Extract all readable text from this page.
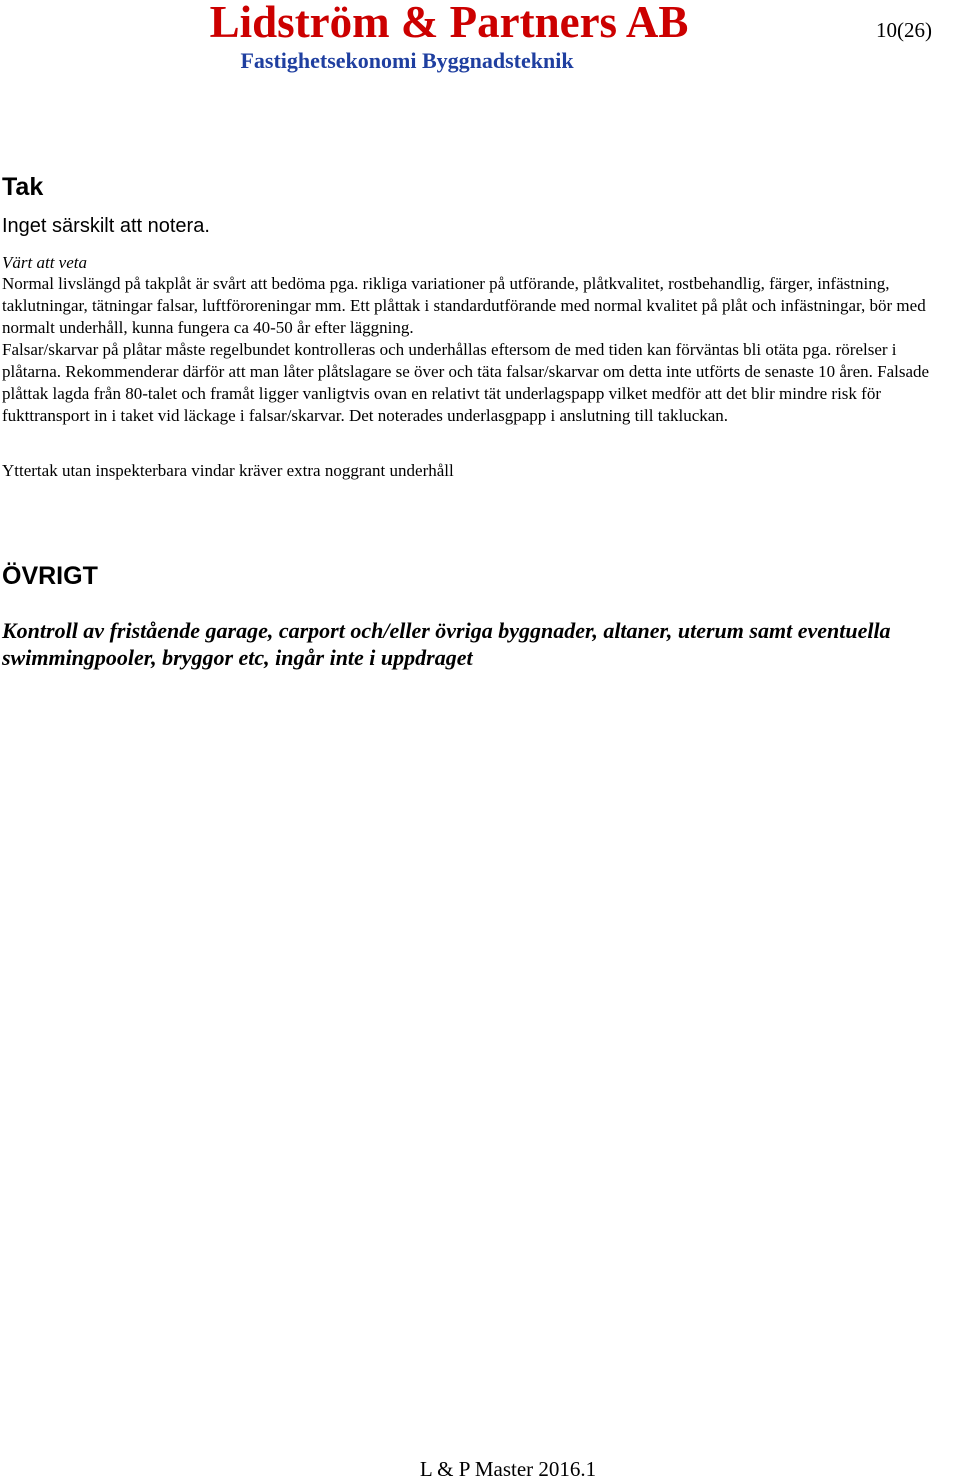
Lidström & Partners AB
Fastighetsekonomi Byggnadsteknik
10(26)
Tak

Inget särskilt att notera.

Värt att veta

Normal livslängd på takplåt är svårt att bedöma pga. rikliga variationer på utförande, plåtkvalitet, rostbehandlig, färger, infästning, taklutningar, tätningar falsar, luftföroreningar mm. Ett plåttak i standardutförande med normal kvalitet på plåt och infästningar, bör med normalt underhåll, kunna fungera ca 40-50 år efter läggning.

Falsar/skarvar på plåtar måste regelbundet kontrolleras och underhållas eftersom de med tiden kan förväntas bli otäta pga. rörelser i plåtarna. Rekommenderar därför att man låter plåtslagare se över och täta falsar/skarvar om detta inte utförts de senaste 10 åren. Falsade plåttak lagda från 80-talet och framåt ligger vanligtvis ovan en relativt tät underlagspapp vilket medför att det blir mindre risk för fukttransport in i taket vid läckage i falsar/skarvar. Det noterades underlasgpapp i anslutning till takluckan.

Yttertak utan inspekterbara vindar kräver extra noggrant underhåll

ÖVRIGT

Kontroll av fristående garage, carport och/eller övriga byggnader, altaner, uterum samt eventuella swimmingpooler, bryggor etc, ingår inte i uppdraget

L & P Master 2016.1
